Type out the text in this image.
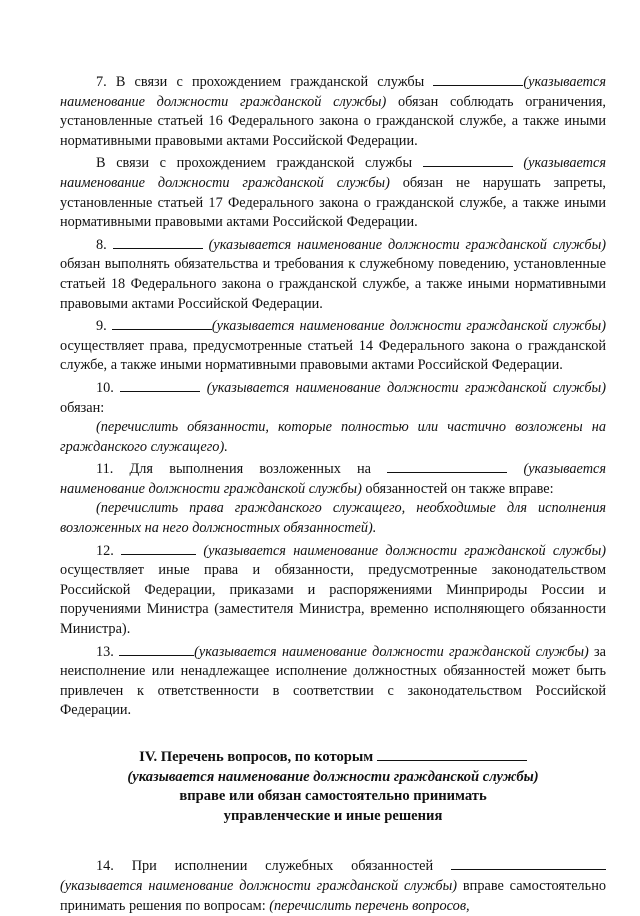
7. В связи с прохождением гражданской службы	(указывается наименование должности гражданской службы) обязан соблюдать ограничения, установленные статьей 16 Федерального закона о гражданской службе, а также иными нормативными правовыми актами Российской Федерации.

В связи с прохождением гражданской службы	(указывается наименование должности гражданской службы) обязан не нарушать запреты, установленные статьей 17 Федерального закона о гражданской службе, а также иными нормативными правовыми актами Российской Федерации.

8.	(указывается наименование должности гражданской службы) обязан выполнять обязательства и требования к служебному поведению, установленные статьей 18 Федерального закона о гражданской службе, а также иными нормативными правовыми актами Российской Федерации.

9.	(указывается наименование должности гражданской службы) осуществляет права, предусмотренные статьей 14 Федерального закона о гражданской службе, а также иными нормативными правовыми актами Российской Федерации.

10.	(указывается наименование должности гражданской службы) обязан:

(перечислить обязанности, которые полностью или частично возложены на гражданского служащего).

11. Для выполнения возложенных на	(указывается наименование должности гражданской службы) обязанностей он также вправе:

(перечислить права гражданского служащего, необходимые для исполнения возложенных на него должностных обязанностей).

12.	(указывается наименование должности гражданской службы) осуществляет иные права и обязанности, предусмотренные законодательством Российской Федерации, приказами и распоряжениями Минприроды России и поручениями Министра (заместителя Министра, временно исполняющего обязанности Министра).

13.	(указывается наименование должности гражданской службы) за неисполнение или ненадлежащее исполнение должностных обязанностей может быть привлечен к ответственности в соответствии с законодательством Российской Федерации.

IV. Перечень вопросов, по которым
(указывается наименование должности гражданской службы)
вправе или обязан самостоятельно принимать
управленческие и иные решения

14. При исполнении служебных обязанностей  (указывается наименование должности гражданской службы) вправе самостоятельно принимать решения по вопросам: (перечислить перечень вопросов,
